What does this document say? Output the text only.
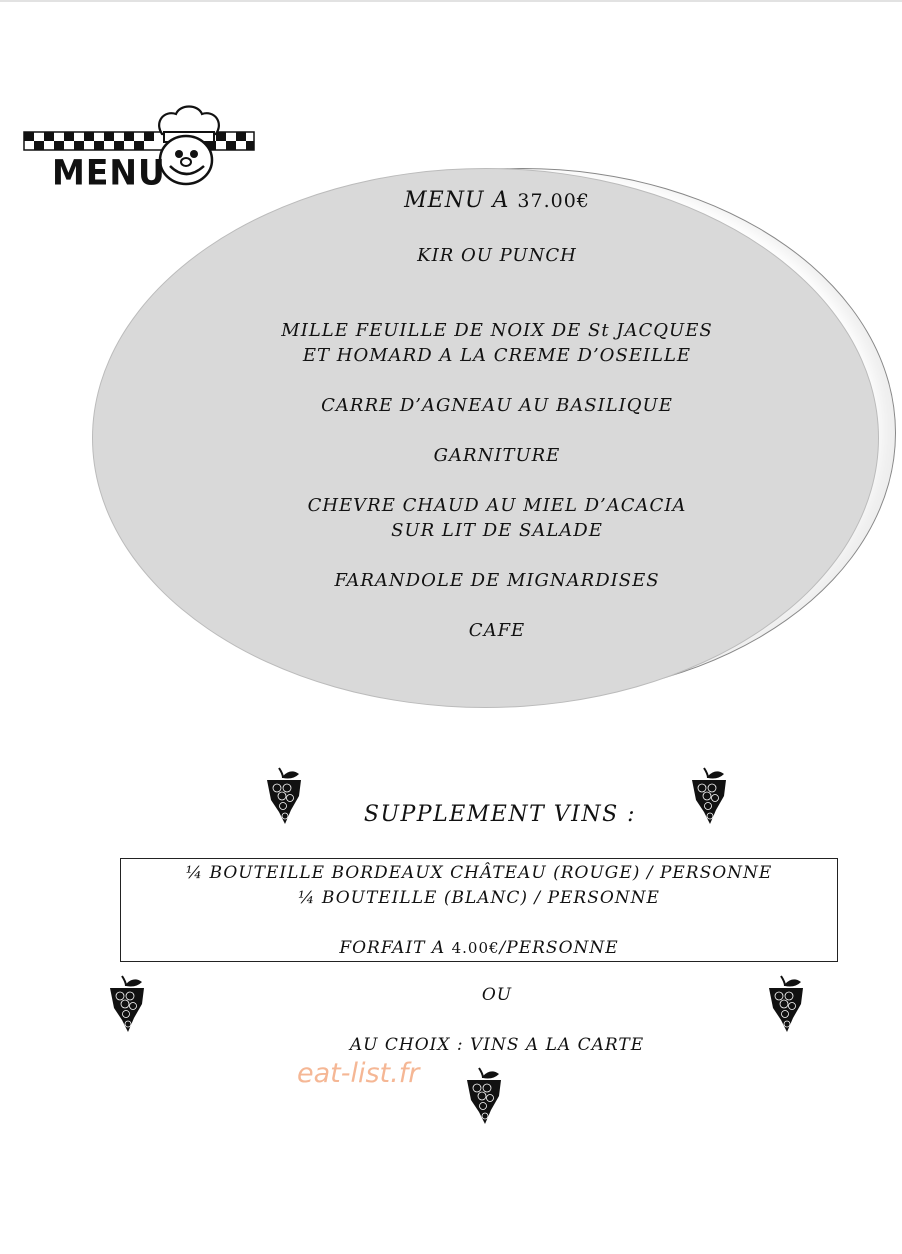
MENU

MENU A 37.00€

KIR OU PUNCH

MILLE FEUILLE DE NOIX DE St JACQUES

ET HOMARD A LA CREME D’OSEILLE

CARRE D’AGNEAU AU BASILIQUE

GARNITURE

CHEVRE CHAUD AU MIEL D’ACACIA

SUR LIT DE SALADE

FARANDOLE DE MIGNARDISES

CAFE

SUPPLEMENT VINS :

¼ BOUTEILLE BORDEAUX CHÂTEAU (ROUGE) / PERSONNE

¼ BOUTEILLE (BLANC) / PERSONNE

FORFAIT A 4.00€/PERSONNE

OU

AU CHOIX : VINS A LA CARTE

eat-list.fr
